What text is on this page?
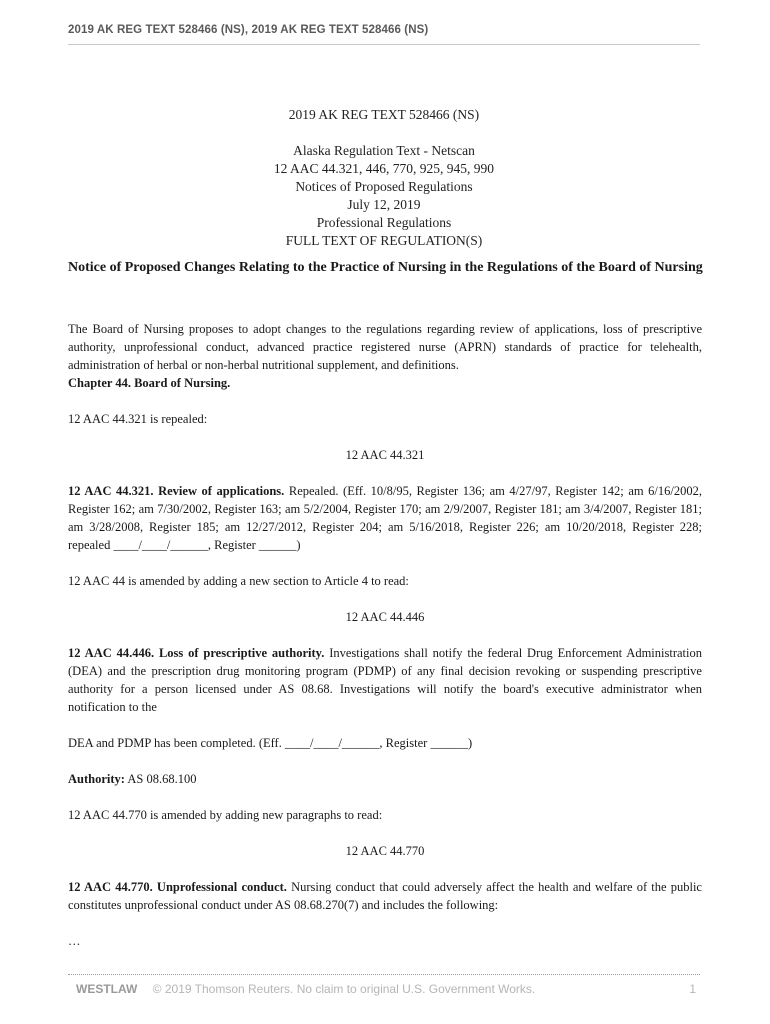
2019 AK REG TEXT 528466 (NS), 2019 AK REG TEXT 528466 (NS)
2019 AK REG TEXT 528466 (NS)
Alaska Regulation Text - Netscan
12 AAC 44.321, 446, 770, 925, 945, 990
Notices of Proposed Regulations
July 12, 2019
Professional Regulations
FULL TEXT OF REGULATION(S)
Notice of Proposed Changes Relating to the Practice of Nursing in the Regulations of the Board of Nursing

The Board of Nursing proposes to adopt changes to the regulations regarding review of applications, loss of prescriptive authority, unprofessional conduct, advanced practice registered nurse (APRN) standards of practice for telehealth, administration of herbal or non-herbal nutritional supplement, and definitions.

Chapter 44. Board of Nursing.

12 AAC 44.321 is repealed:

12 AAC 44.321

12 AAC 44.321. Review of applications. Repealed. (Eff. 10/8/95, Register 136; am 4/27/97, Register 142; am 6/16/2002, Register 162; am 7/30/2002, Register 163; am 5/2/2004, Register 170; am 2/9/2007, Register 181; am 3/4/2007, Register 181; am 3/28/2008, Register 185; am 12/27/2012, Register 204; am 5/16/2018, Register 226; am 10/20/2018, Register 228; repealed ____/____/______, Register ______)

12 AAC 44 is amended by adding a new section to Article 4 to read:

12 AAC 44.446

12 AAC 44.446. Loss of prescriptive authority. Investigations shall notify the federal Drug Enforcement Administration (DEA) and the prescription drug monitoring program (PDMP) of any final decision revoking or suspending prescriptive authority for a person licensed under AS 08.68. Investigations will notify the board's executive administrator when notification to the

DEA and PDMP has been completed. (Eff. ____/____/______, Register ______)

Authority: AS 08.68.100

12 AAC 44.770 is amended by adding new paragraphs to read:

12 AAC 44.770

12 AAC 44.770. Unprofessional conduct. Nursing conduct that could adversely affect the health and welfare of the public constitutes unprofessional conduct under AS 08.68.270(7) and includes the following:

…

WESTLAW © 2019 Thomson Reuters. No claim to original U.S. Government Works.	1
